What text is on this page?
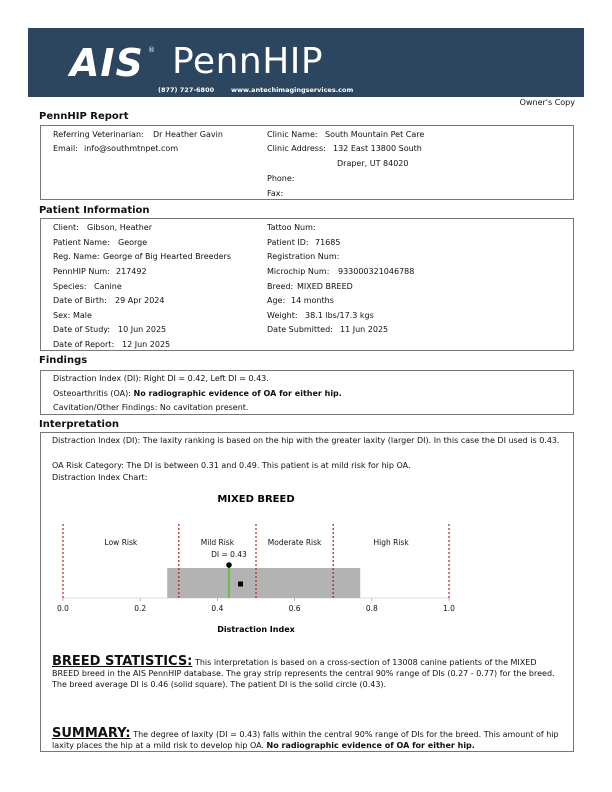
AIS ® PennHIP
(877) 727-6800	www.antechimagingservices.com
Owner's Copy
PennHIP Report
Referring Veterinarian: Dr Heather Gavin
Email: info@southmtnpet.com
Clinic Name: South Mountain Pet Care
Clinic Address: 132 East 13800 South
Draper, UT 84020
Phone:
Fax:
Patient Information
Client: Gibson, Heather
Patient Name: George
Reg. Name: George of Big Hearted Breeders
PennHIP Num: 217492
Species: Canine
Date of Birth: 29 Apr 2024
Sex: Male
Date of Study: 10 Jun 2025
Date of Report: 12 Jun 2025
Tattoo Num:
Patient ID: 71685
Registration Num:
Microchip Num: 933000321046788
Breed: MIXED BREED
Age: 14 months
Weight: 38.1 lbs/17.3 kgs
Date Submitted: 11 Jun 2025
Findings
Distraction Index (DI): Right DI = 0.42, Left DI = 0.43.
Osteoarthritis (OA): No radiographic evidence of OA for either hip.
Cavitation/Other Findings: No cavitation present.
Interpretation
Distraction Index (DI): The laxity ranking is based on the hip with the greater laxity (larger DI). In this case the DI used is 0.43.
OA Risk Category: The DI is between 0.31 and 0.49. This patient is at mild risk for hip OA.
Distraction Index Chart:
MIXED BREED
Low Risk	Mild Risk	Moderate Risk	High Risk
DI = 0.43
0.0	0.2	0.4	0.6	0.8	1.0
Distraction Index
BREED STATISTICS: This interpretation is based on a cross-section of 13008 canine patients of the MIXED BREED breed in the AIS PennHIP database. The gray strip represents the central 90% range of DIs (0.27 - 0.77) for the breed. The breed average DI is 0.46 (solid square). The patient DI is the solid circle (0.43).
SUMMARY: The degree of laxity (DI = 0.43) falls within the central 90% range of DIs for the breed. This amount of hip laxity places the hip at a mild risk to develop hip OA. No radiographic evidence of OA for either hip.
